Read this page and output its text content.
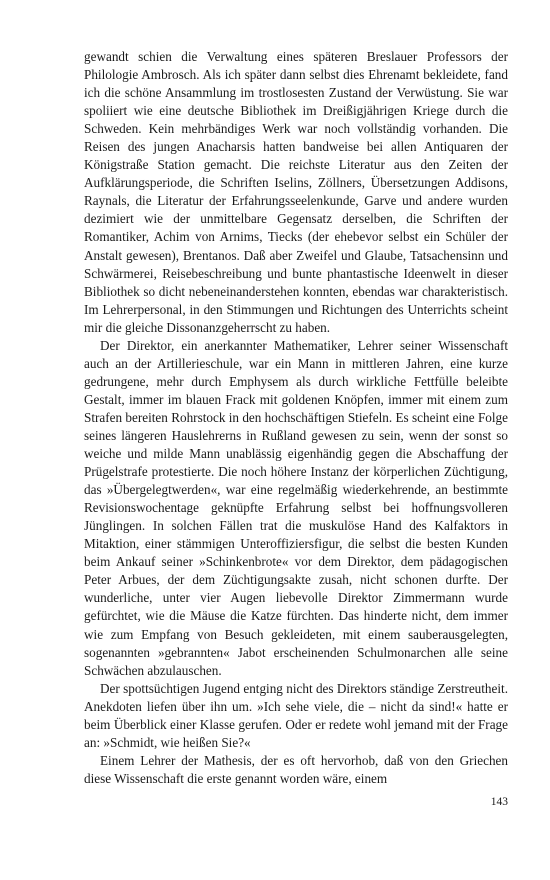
gewandt schien die Verwaltung eines späteren Breslauer Professors der Philologie Ambrosch. Als ich später dann selbst dies Ehrenamt bekleidete, fand ich die schöne Ansammlung im trostlosesten Zustand der Verwüstung. Sie war spoliiert wie eine deutsche Bibliothek im Dreißigjährigen Kriege durch die Schweden. Kein mehrbändiges Werk war noch vollständig vorhanden. Die Reisen des jungen Anacharsis hatten bandweise bei allen Antiquaren der Königstraße Station gemacht. Die reichste Literatur aus den Zeiten der Aufklärungsperiode, die Schriften Iselins, Zöllners, Übersetzungen Addisons, Raynals, die Literatur der Erfahrungsseelenkunde, Garve und andere wurden dezimiert wie der unmittelbare Gegensatz derselben, die Schriften der Romantiker, Achim von Arnims, Tiecks (der ehebevor selbst ein Schüler der Anstalt gewesen), Brentanos. Daß aber Zweifel und Glaube, Tatsachensinn und Schwärmerei, Reisebeschreibung und bunte phantastische Ideenwelt in dieser Bibliothek so dicht nebeneinanderstehen konnten, ebendas war charakteristisch. Im Lehrerpersonal, in den Stimmungen und Richtungen des Unterrichts scheint mir die gleiche Dissonanzgeherrscht zu haben.

Der Direktor, ein anerkannter Mathematiker, Lehrer seiner Wissenschaft auch an der Artillerieschule, war ein Mann in mittleren Jahren, eine kurze gedrungene, mehr durch Emphysem als durch wirkliche Fettfülle beleibte Gestalt, immer im blauen Frack mit goldenen Knöpfen, immer mit einem zum Strafen bereiten Rohrstock in den hochschäftigen Stiefeln. Es scheint eine Folge seines längeren Hauslehrerns in Rußland gewesen zu sein, wenn der sonst so weiche und milde Mann unablässig eigenhändig gegen die Abschaffung der Prügelstrafe protestierte. Die noch höhere Instanz der körperlichen Züchtigung, das »Übergelegtwerden«, war eine regelmäßig wiederkehrende, an bestimmte Revisionswochentage geknüpfte Erfahrung selbst bei hoffnungsvolleren Jünglingen. In solchen Fällen trat die muskulöse Hand des Kalfaktors in Mitaktion, einer stämmigen Unteroffiziersfigur, die selbst die besten Kunden beim Ankauf seiner »Schinkenbrote« vor dem Direktor, dem pädagogischen Peter Arbues, der dem Züchtigungsakte zusah, nicht schonen durfte. Der wunderliche, unter vier Augen liebevolle Direktor Zimmermann wurde gefürchtet, wie die Mäuse die Katze fürchten. Das hinderte nicht, dem immer wie zum Empfang von Besuch gekleideten, mit einem sauberausgelegten, sogenannten »gebrannten« Jabot erscheinenden Schulmonarchen alle seine Schwächen abzulauschen.

Der spottsüchtigen Jugend entging nicht des Direktors ständige Zerstreutheit. Anekdoten liefen über ihn um. »Ich sehe viele, die – nicht da sind!« hatte er beim Überblick einer Klasse gerufen. Oder er redete wohl jemand mit der Frage an: »Schmidt, wie heißen Sie?«

Einem Lehrer der Mathesis, der es oft hervorhob, daß von den Griechen diese Wissenschaft die erste genannt worden wäre, einem

143
